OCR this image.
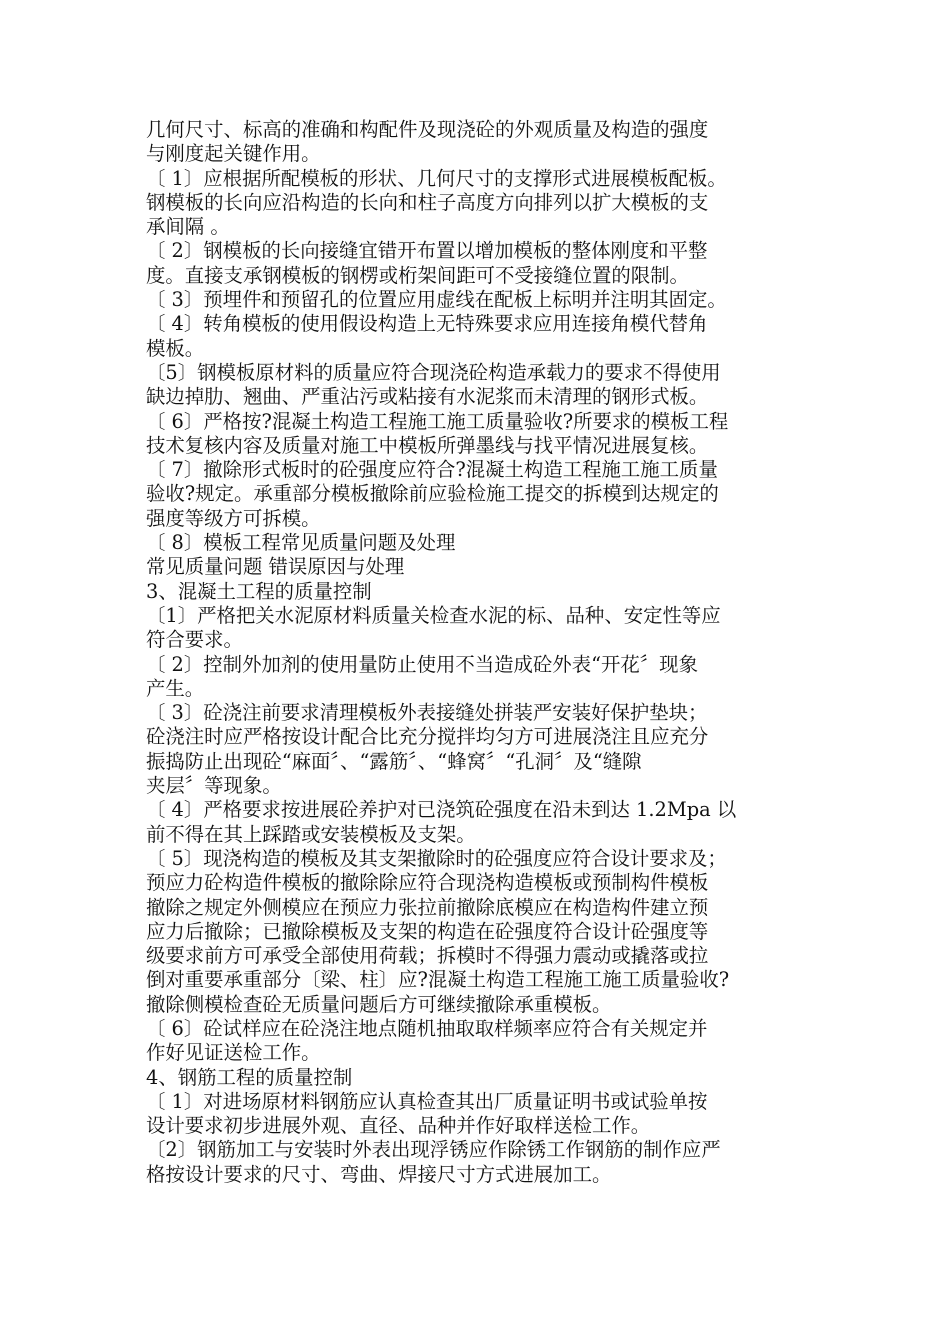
几何尺寸、标高的准确和构配件及现浇砼的外观质量及构造的强度
与刚度起关键作用。

〔 1〕应根据所配模板的形状、几何尺寸的支撑形式进展模板配板。
钢模板的长向应沿构造的长向和柱子高度方向排列以扩大模板的支
承间隔 。

〔 2〕钢模板的长向接缝宜错开布置以增加模板的整体刚度和平整
度。直接支承钢模板的钢楞或桁架间距可不受接缝位置的限制。

〔 3〕预埋件和预留孔的位置应用虚线在配板上标明并注明其固定。

〔 4〕转角模板的使用假设构造上无特殊要求应用连接角模代替角
模板。

〔5〕钢模板原材料的质量应符合现浇砼构造承载力的要求不得使用
缺边掉肋、翘曲、严重沾污或粘接有水泥浆而未清理的钢形式板。

〔 6〕严格按?混凝土构造工程施工施工质量验收?所要求的模板工程
技术复核内容及质量对施工中模板所弹墨线与找平情况进展复核。

〔 7〕撤除形式板时的砼强度应符合?混凝土构造工程施工施工质量
验收?规定。承重部分模板撤除前应验检施工提交的拆模到达规定的
强度等级方可拆模。

〔 8〕模板工程常见质量问题及处理

常见质量问题 错误原因与处理

3、混凝土工程的质量控制

〔1〕严格把关水泥原材料质量关检查水泥的标、品种、安定性等应
符合要求。

〔 2〕控制外加剂的使用量防止使用不当造成砼外表“开花〞现象
产生。

〔 3〕砼浇注前要求清理模板外表接缝处拼装严安装好保护垫块；
砼浇注时应严格按设计配合比充分搅拌均匀方可进展浇注且应充分
振捣防止出现砼“麻面〞、“露筋〞、“蜂窝〞“孔洞〞及“缝隙
夹层〞等现象。

〔 4〕严格要求按进展砼养护对已浇筑砼强度在沿未到达 1.2Mpa 以
前不得在其上踩踏或安装模板及支架。

〔 5〕现浇构造的模板及其支架撤除时的砼强度应符合设计要求及；
预应力砼构造件模板的撤除除应符合现浇构造模板或预制构件模板
撤除之规定外侧模应在预应力张拉前撤除底模应在构造构件建立预
应力后撤除；已撤除模板及支架的构造在砼强度符合设计砼强度等
级要求前方可承受全部使用荷载；拆模时不得强力震动或撬落或拉
倒对重要承重部分〔梁、柱〕应?混凝土构造工程施工施工质量验收?
撤除侧模检查砼无质量问题后方可继续撤除承重模板。

〔 6〕砼试样应在砼浇注地点随机抽取取样频率应符合有关规定并
作好见证送检工作。

4、钢筋工程的质量控制

〔 1〕对进场原材料钢筋应认真检查其出厂质量证明书或试验单按
设计要求初步进展外观、直径、品种并作好取样送检工作。

〔2〕钢筋加工与安装时外表出现浮锈应作除锈工作钢筋的制作应严
格按设计要求的尺寸、弯曲、焊接尺寸方式进展加工。
